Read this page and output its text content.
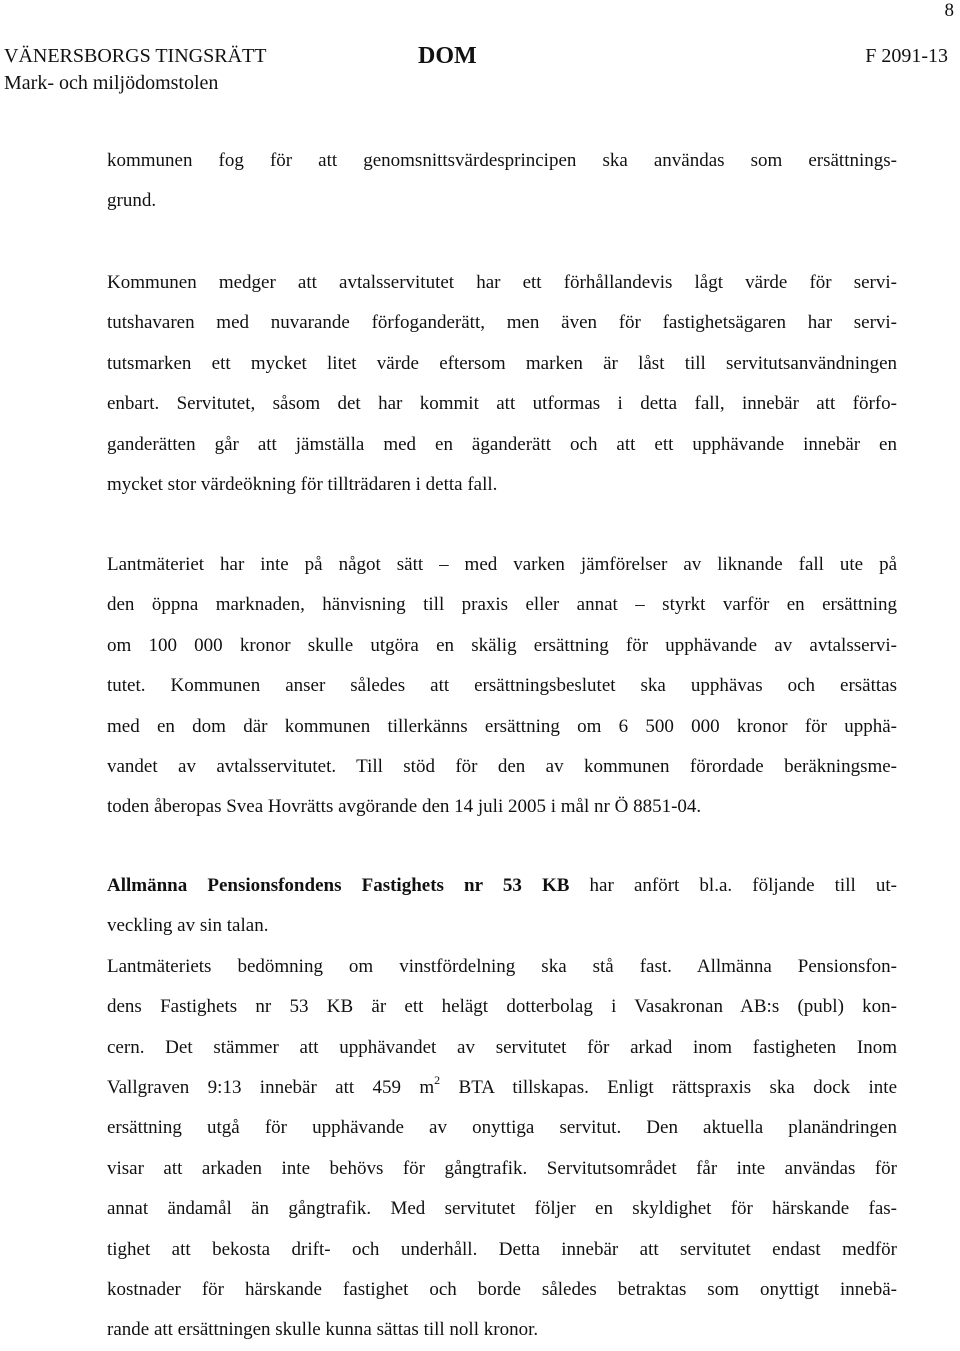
8
VÄNERSBORGS TINGSRÄTT
Mark- och miljödomstolen
DOM	F 2091-13

kommunen fog för att genomsnittsvärdesprincipen ska användas som ersättnings-
grund.

Kommunen medger att avtalsservitutet har ett förhållandevis lågt värde för servi-
tutshavaren med nuvarande förfoganderätt, men även för fastighetsägaren har servi-
tutsmarken ett mycket litet värde eftersom marken är låst till servitutsanvändningen
enbart. Servitutet, såsom det har kommit att utformas i detta fall, innebär att förfo-
ganderätten går att jämställa med en äganderätt och att ett upphävande innebär en
mycket stor värdeökning för tillträdaren i detta fall.

Lantmäteriet har inte på något sätt – med varken jämförelser av liknande fall ute på
den öppna marknaden, hänvisning till praxis eller annat – styrkt varför en ersättning
om 100 000 kronor skulle utgöra en skälig ersättning för upphävande av avtalsservi-
tutet. Kommunen anser således att ersättningsbeslutet ska upphävas och ersättas
med en dom där kommunen tillerkänns ersättning om 6 500 000 kronor för upphä-
vandet av avtalsservitutet. Till stöd för den av kommunen förordade beräkningsme-
toden åberopas Svea Hovrätts avgörande den 14 juli 2005 i mål nr Ö 8851-04.

Allmänna Pensionsfondens Fastighets nr 53 KB har anfört bl.a. följande till ut-
veckling av sin talan.
Lantmäteriets bedömning om vinstfördelning ska stå fast. Allmänna Pensionsfon-
dens Fastighets nr 53 KB är ett helägt dotterbolag i Vasakronan AB:s (publ) kon-
cern. Det stämmer att upphävandet av servitutet för arkad inom fastigheten Inom
Vallgraven 9:13 innebär att 459 $m^2$ BTA tillskapas. Enligt rättspraxis ska dock inte
ersättning utgå för upphävande av onyttiga servitut. Den aktuella planändringen
visar att arkaden inte behövs för gångtrafik. Servitutsområdet får inte användas för
annat ändamål än gångtrafik. Med servitutet följer en skyldighet för härskande fas-
tighet att bekosta drift- och underhåll. Detta innebär att servitutet endast medför
kostnader för härskande fastighet och borde således betraktas som onyttigt innebä-
rande att ersättningen skulle kunna sättas till noll kronor.
